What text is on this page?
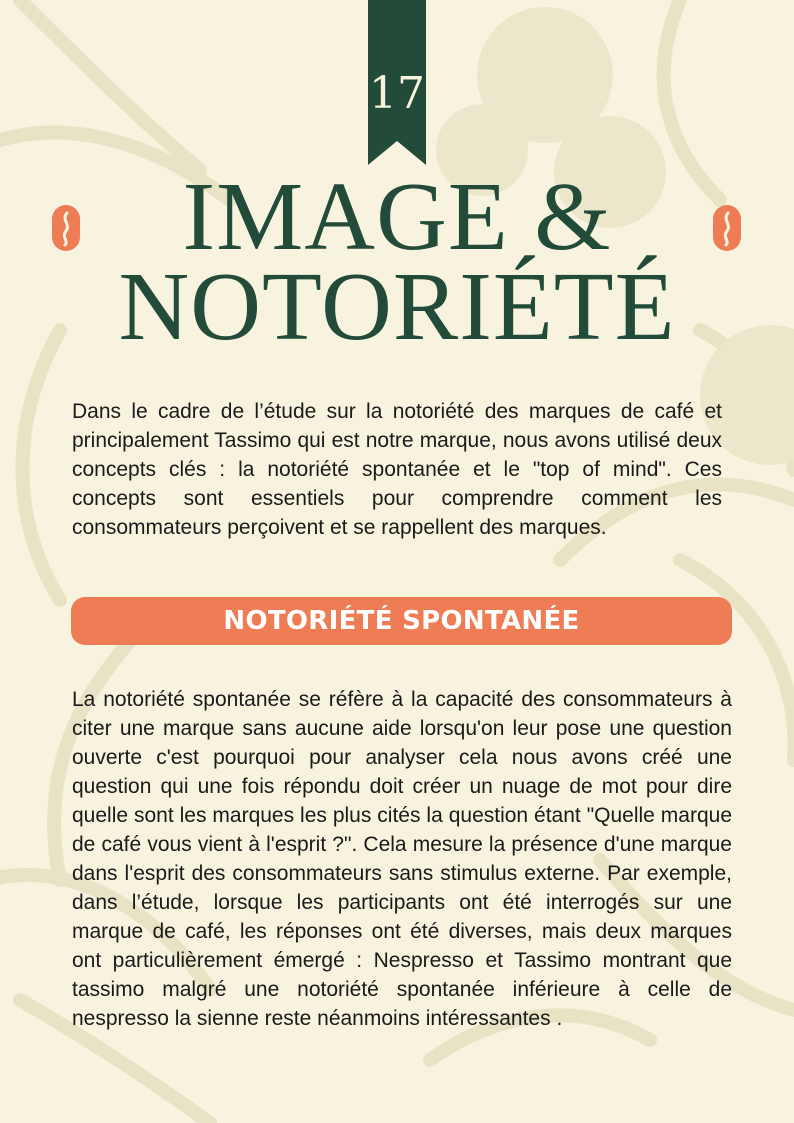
17
IMAGE &
NOTORIÉTÉ

Dans le cadre de l’étude sur la notoriété des marques de café et principalement Tassimo qui est notre marque, nous avons utilisé deux concepts clés : la notoriété spontanée et le "top of mind". Ces concepts sont essentiels pour comprendre comment les consommateurs perçoivent et se rappellent des marques.

NOTORIÉTÉ SPONTANÉE

La notoriété spontanée se réfère à la capacité des consommateurs à citer une marque sans aucune aide lorsqu'on leur pose une question ouverte c'est pourquoi pour analyser cela nous avons créé une question qui une fois répondu doit créer un nuage de mot pour dire quelle sont les marques les plus cités la question étant "Quelle marque de café vous vient à l'esprit ?". Cela mesure la présence d'une marque dans l'esprit des consommateurs sans stimulus externe. Par exemple, dans l’étude, lorsque les participants ont été interrogés sur une marque de café, les réponses ont été diverses, mais deux marques ont particulièrement émergé : Nespresso et Tassimo montrant que tassimo malgré une notoriété spontanée inférieure à celle de nespresso la sienne reste néanmoins intéressantes .
